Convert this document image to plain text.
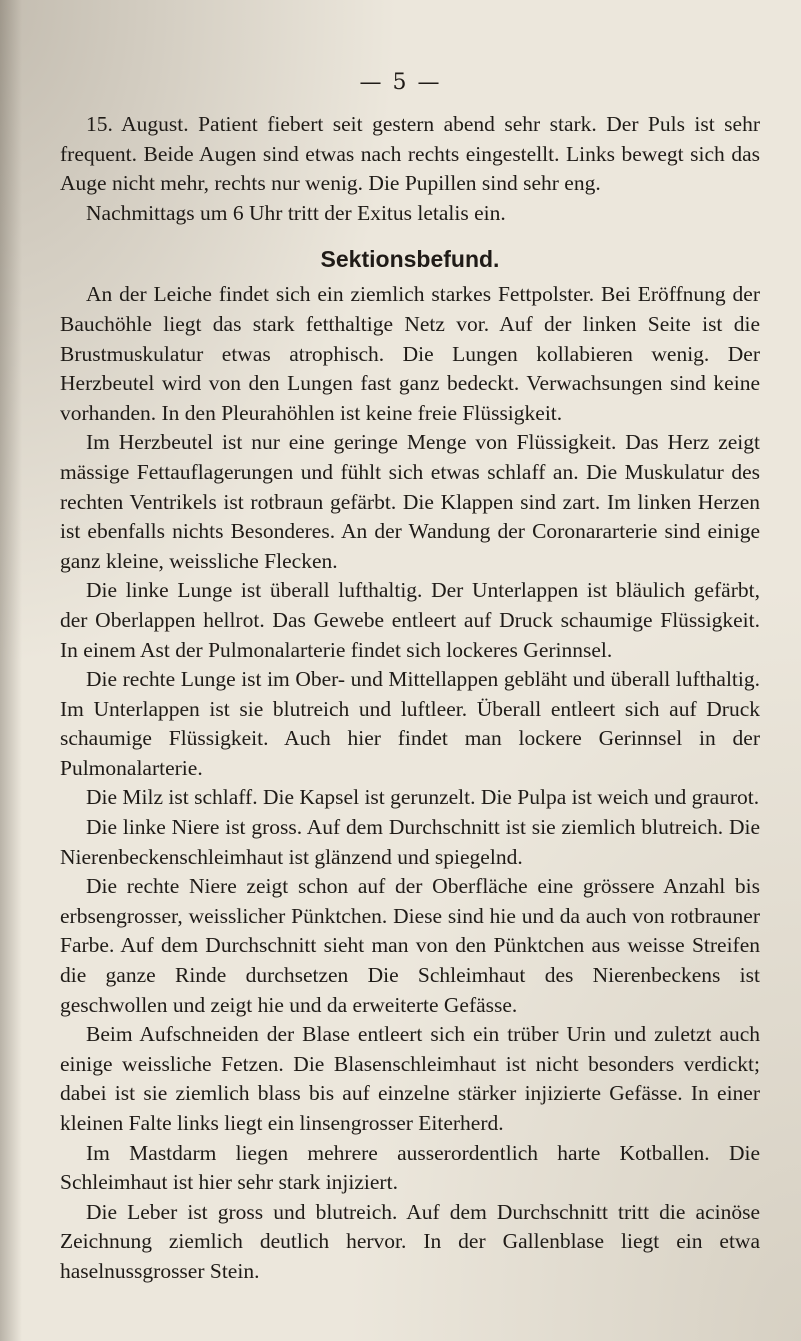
— 5 —

15. August. Patient fiebert seit gestern abend sehr stark. Der Puls ist sehr frequent. Beide Augen sind etwas nach rechts eingestellt. Links bewegt sich das Auge nicht mehr, rechts nur wenig. Die Pupillen sind sehr eng.

Nachmittags um 6 Uhr tritt der Exitus letalis ein.

Sektionsbefund.

An der Leiche findet sich ein ziemlich starkes Fettpolster. Bei Eröffnung der Bauchöhle liegt das stark fetthaltige Netz vor. Auf der linken Seite ist die Brustmuskulatur etwas atrophisch. Die Lungen kollabieren wenig. Der Herzbeutel wird von den Lungen fast ganz bedeckt. Verwachsungen sind keine vorhanden. In den Pleurahöhlen ist keine freie Flüssigkeit.

Im Herzbeutel ist nur eine geringe Menge von Flüssigkeit. Das Herz zeigt mässige Fettauflagerungen und fühlt sich etwas schlaff an. Die Muskulatur des rechten Ventrikels ist rotbraun gefärbt. Die Klappen sind zart. Im linken Herzen ist ebenfalls nichts Besonderes. An der Wandung der Coronararterie sind einige ganz kleine, weissliche Flecken.

Die linke Lunge ist überall lufthaltig. Der Unterlappen ist bläulich gefärbt, der Oberlappen hellrot. Das Gewebe entleert auf Druck schaumige Flüssigkeit. In einem Ast der Pulmonalarterie findet sich lockeres Gerinnsel.

Die rechte Lunge ist im Ober- und Mittellappen gebläht und überall lufthaltig. Im Unterlappen ist sie blutreich und luftleer. Überall entleert sich auf Druck schaumige Flüssigkeit. Auch hier findet man lockere Gerinnsel in der Pulmonalarterie.

Die Milz ist schlaff. Die Kapsel ist gerunzelt. Die Pulpa ist weich und graurot.

Die linke Niere ist gross. Auf dem Durchschnitt ist sie ziemlich blutreich. Die Nierenbeckenschleimhaut ist glänzend und spiegelnd.

Die rechte Niere zeigt schon auf der Oberfläche eine grössere Anzahl bis erbsengrosser, weisslicher Pünktchen. Diese sind hie und da auch von rotbrauner Farbe. Auf dem Durchschnitt sieht man von den Pünktchen aus weisse Streifen die ganze Rinde durchsetzen Die Schleimhaut des Nierenbeckens ist geschwollen und zeigt hie und da erweiterte Gefässe.

Beim Aufschneiden der Blase entleert sich ein trüber Urin und zuletzt auch einige weissliche Fetzen. Die Blasenschleimhaut ist nicht besonders verdickt; dabei ist sie ziemlich blass bis auf einzelne stärker injizierte Gefässe. In einer kleinen Falte links liegt ein linsengrosser Eiterherd.

Im Mastdarm liegen mehrere ausserordentlich harte Kotballen. Die Schleimhaut ist hier sehr stark injiziert.

Die Leber ist gross und blutreich. Auf dem Durchschnitt tritt die acinöse Zeichnung ziemlich deutlich hervor. In der Gallenblase liegt ein etwa haselnussgrosser Stein.
